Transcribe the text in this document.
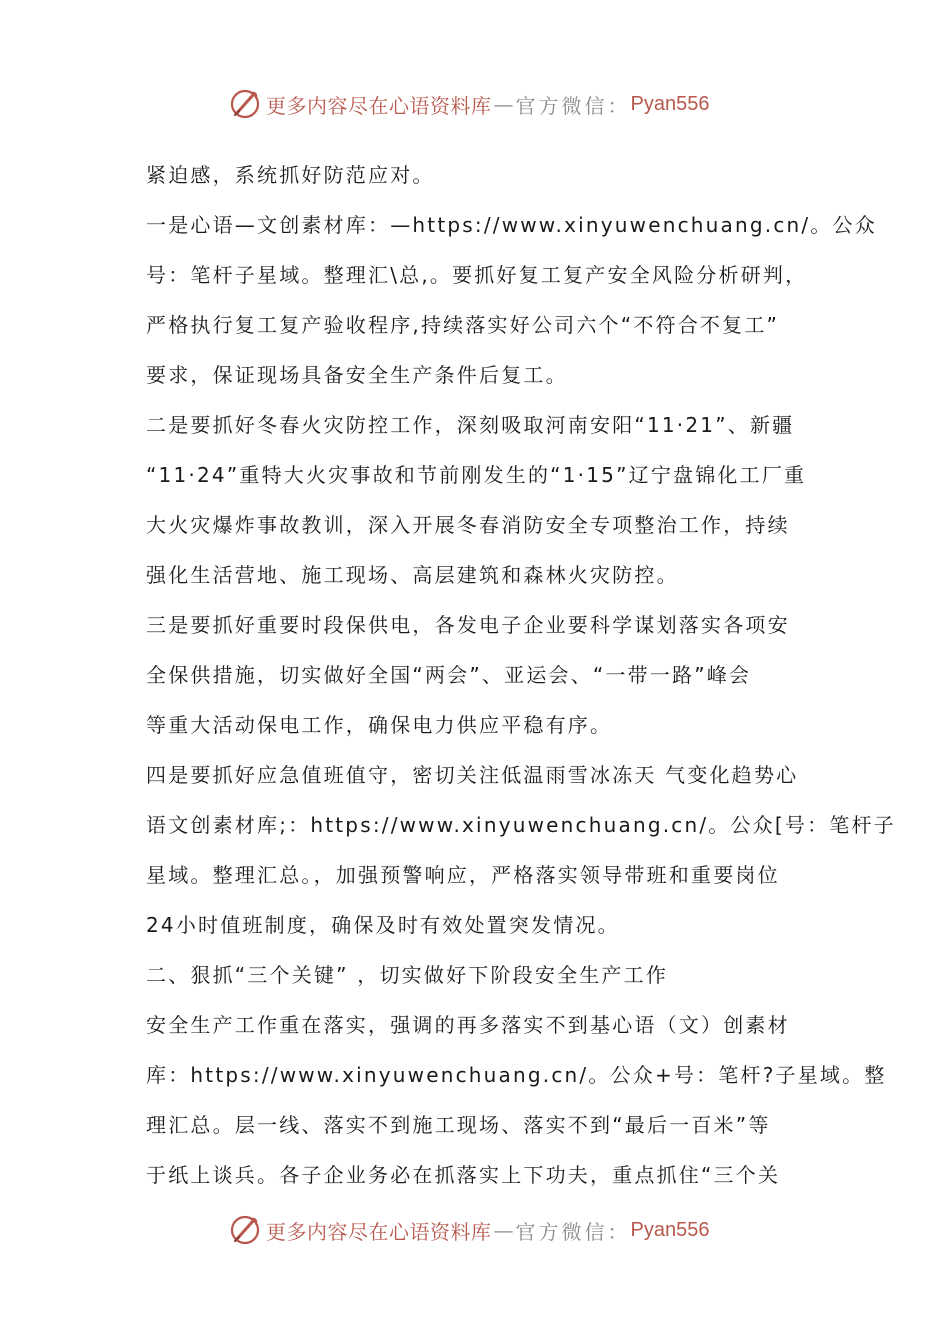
更多内容尽在心语资料库 — 官方微信： Pyan556
紧迫感，系统抓好防范应对。
一是心语—文创素材库：—https://www.xinyuwenchuang.cn/。公众
号：笔杆子星域。整理汇\总,。要抓好复工复产安全风险分析研判，
严格执行复工复产验收程序,持续落实好公司六个“不符合不复工”
要求，保证现场具备安全生产条件后复工。
二是要抓好冬春火灾防控工作，深刻吸取河南安阳“11·21”、新疆
“11·24”重特大火灾事故和节前刚发生的“1·15”辽宁盘锦化工厂重
大火灾爆炸事故教训，深入开展冬春消防安全专项整治工作，持续
强化生活营地、施工现场、高层建筑和森林火灾防控。
三是要抓好重要时段保供电，各发电子企业要科学谋划落实各项安
全保供措施，切实做好全国“两会”、亚运会、“一带一路”峰会
等重大活动保电工作，确保电力供应平稳有序。
四是要抓好应急值班值守，密切关注低温雨雪冰冻天 气变化趋势心
语文创素材库;：https://www.xinyuwenchuang.cn/。公众[号：笔杆子
星域。整理汇总。，加强预警响应，严格落实领导带班和重要岗位
24小时值班制度，确保及时有效处置突发情况。
二、狠抓“三个关键” ，切实做好下阶段安全生产工作
安全生产工作重在落实，强调的再多落实不到基心语（文）创素材
库：https://www.xinyuwenchuang.cn/。公众+号：笔杆?子星域。整
理汇总。层一线、落实不到施工现场、落实不到“最后一百米”等
于纸上谈兵。各子企业务必在抓落实上下功夫，重点抓住“三个关
更多内容尽在心语资料库 — 官方微信： Pyan556
